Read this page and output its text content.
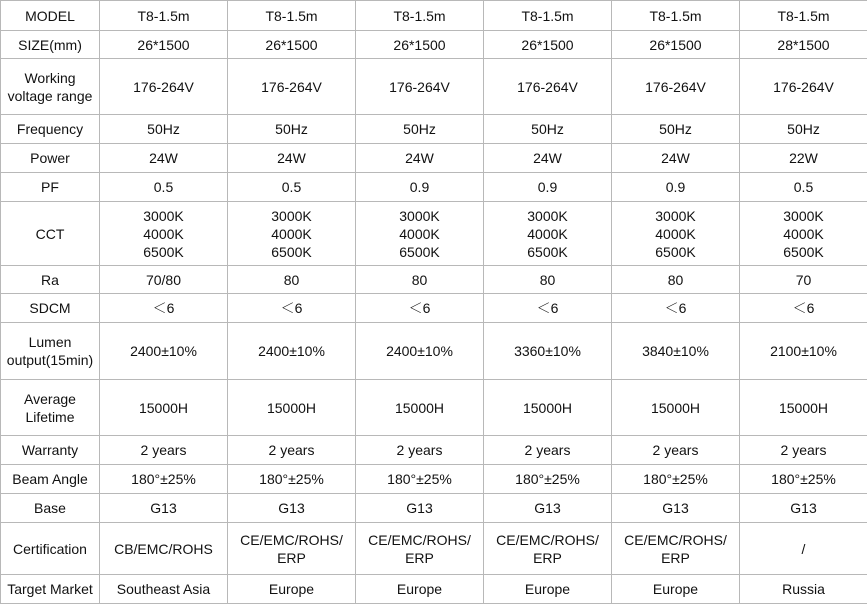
MODEL	T8-1.5m	T8-1.5m	T8-1.5m	T8-1.5m	T8-1.5m	T8-1.5m
SIZE(mm)	26*1500	26*1500	26*1500	26*1500	26*1500	28*1500
Working
voltage range	176-264V	176-264V	176-264V	176-264V	176-264V	176-264V
Frequency	50Hz	50Hz	50Hz	50Hz	50Hz	50Hz
Power	24W	24W	24W	24W	24W	22W
PF	0.5	0.5	0.9	0.9	0.9	0.5
CCT	3000K
4000K
6500K	3000K
4000K
6500K	3000K
4000K
6500K	3000K
4000K
6500K	3000K
4000K
6500K	3000K
4000K
6500K
Ra	70/80	80	80	80	80	70
SDCM	＜6	＜6	＜6	＜6	＜6	＜6
Lumen
output(15min)	2400±10%	2400±10%	2400±10%	3360±10%	3840±10%	2100±10%
Average
Lifetime	15000H	15000H	15000H	15000H	15000H	15000H
Warranty	2 years	2 years	2 years	2 years	2 years	2 years
Beam Angle	180°±25%	180°±25%	180°±25%	180°±25%	180°±25%	180°±25%
Base	G13	G13	G13	G13	G13	G13
Certification	CB/EMC/ROHS	CE/EMC/ROHS/
ERP	CE/EMC/ROHS/
ERP	CE/EMC/ROHS/
ERP	CE/EMC/ROHS/
ERP	/
Target Market	Southeast Asia	Europe	Europe	Europe	Europe	Russia
